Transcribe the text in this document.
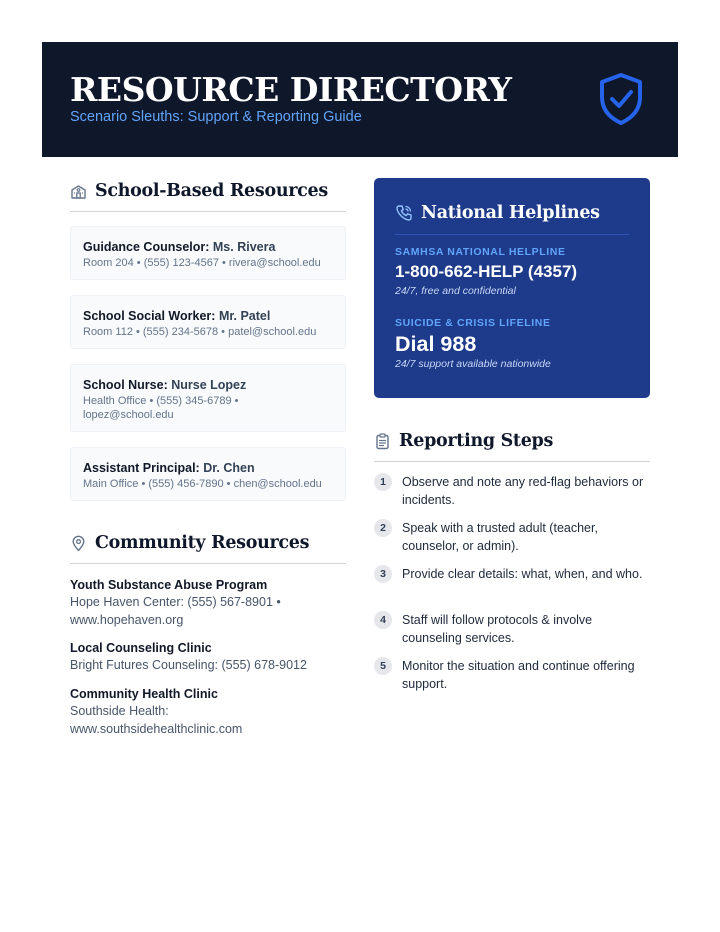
RESOURCE DIRECTORY
Scenario Sleuths: Support & Reporting Guide
School-Based Resources
Guidance Counselor: Ms. Rivera
Room 204 • (555) 123-4567 • rivera@school.edu
School Social Worker: Mr. Patel
Room 112 • (555) 234-5678 • patel@school.edu
School Nurse: Nurse Lopez
Health Office • (555) 345-6789 • lopez@school.edu
Assistant Principal: Dr. Chen
Main Office • (555) 456-7890 • chen@school.edu
Community Resources
Youth Substance Abuse Program
Hope Haven Center: (555) 567-8901 • www.hopehaven.org
Local Counseling Clinic
Bright Futures Counseling: (555) 678-9012
Community Health Clinic
Southside Health: www.southsidehealthclinic.com
National Helplines
SAMHSA NATIONAL HELPLINE
1-800-662-HELP (4357)
24/7, free and confidential
SUICIDE & CRISIS LIFELINE
Dial 988
24/7 support available nationwide
Reporting Steps
1	Observe and note any red-flag behaviors or incidents.
2	Speak with a trusted adult (teacher, counselor, or admin).
3	Provide clear details: what, when, and who.
4	Staff will follow protocols & involve counseling services.
5	Monitor the situation and continue offering support.
